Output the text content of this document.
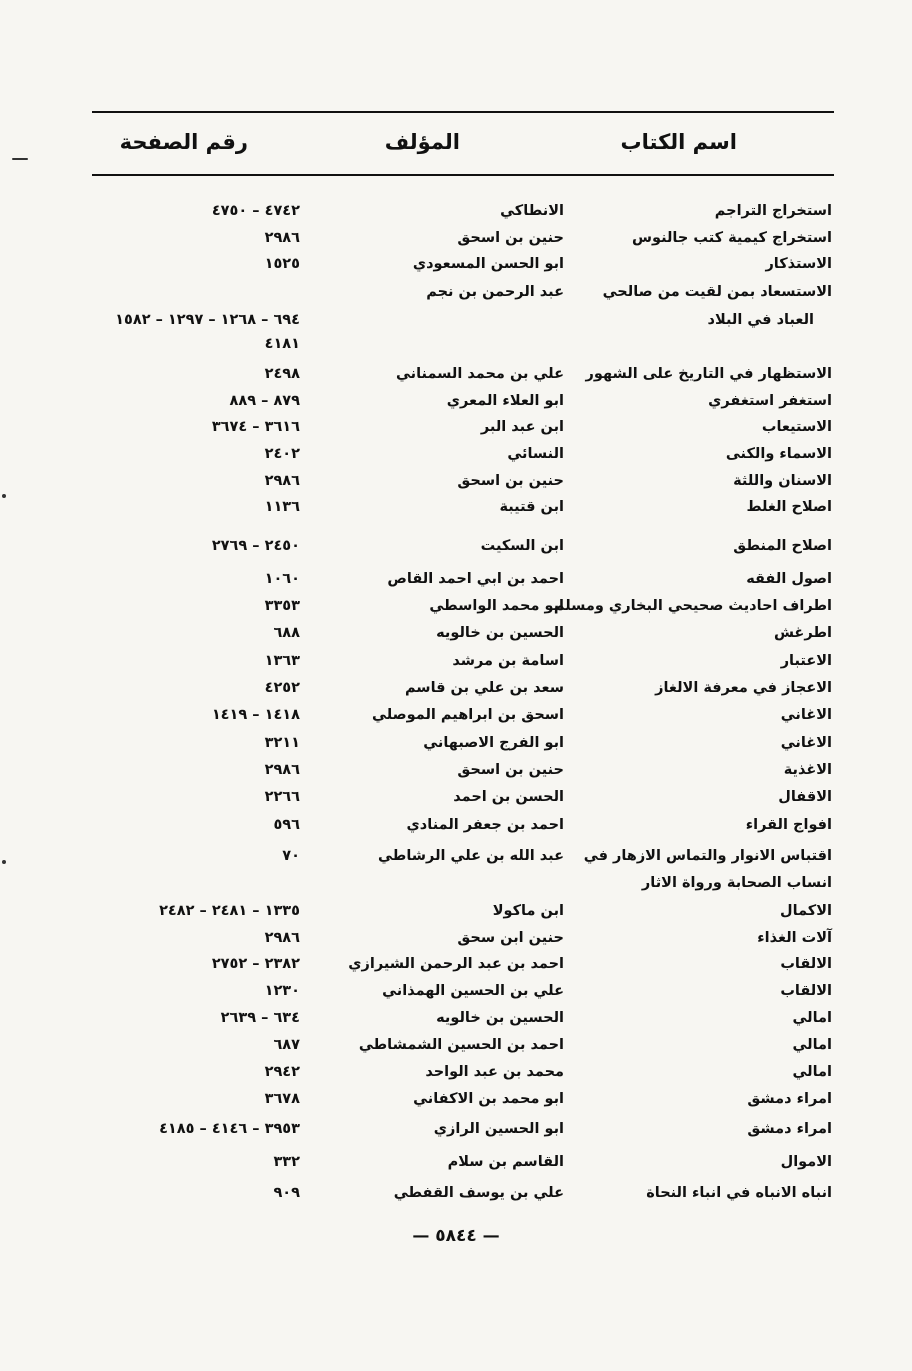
اسم الكتاب
المؤلف
رقم الصفحة
استخراج التراجم
الانطاكي
٤٧٤٢ – ٤٧٥٠
استخراج كيمية كتب جالنوس
حنين بن اسحق
٢٩٨٦
الاستذكار
ابو الحسن المسعودي
١٥٢٥
الاستسعاد بمن لقيت من صالحي
عبد الرحمن بن نجم
العباد في البلاد
٦٩٤ – ١٢٦٨ – ١٢٩٧ – ١٥٨٢
٤١٨١
الاستظهار في التاريخ على الشهور
علي بن محمد السمناني
٢٤٩٨
استغفر استغفري
ابو العلاء المعري
٨٧٩ – ٨٨٩
الاستيعاب
ابن عبد البر
٣٦١٦ – ٣٦٧٤
الاسماء والكنى
النسائي
٢٤٠٢
الاسنان واللثة
حنين بن اسحق
٢٩٨٦
اصلاح الغلط
ابن قتيبة
١١٣٦
اصلاح المنطق
ابن السكيت
٢٤٥٠ – ٢٧٦٩
اصول الفقه
احمد بن ابي احمد القاص
١٠٦٠
اطراف احاديث صحيحي البخاري ومسلم
ابو محمد الواسطي
٣٣٥٣
اطرغش
الحسين بن خالويه
٦٨٨
الاعتبار
اسامة بن مرشد
١٣٦٣
الاعجاز في معرفة الالغاز
سعد بن علي بن قاسم
٤٢٥٢
الاغاني
اسحق بن ابراهيم الموصلي
١٤١٨ – ١٤١٩
الاغاني
ابو الفرج الاصبهاني
٣٢١١
الاغذية
حنين بن اسحق
٢٩٨٦
الاقفال
الحسن بن احمد
٢٢٦٦
افواج القراء
احمد بن جعفر المنادي
٥٩٦
اقتباس الانوار والتماس الازهار في
عبد الله بن علي الرشاطي
٧٠
انساب الصحابة ورواة الاثار
الاكمال
ابن ماكولا
١٣٣٥ – ٢٤٨١ – ٢٤٨٢
آلات الغذاء
حنين ابن سحق
٢٩٨٦
الالقاب
احمد بن عبد الرحمن الشيرازي
٢٣٨٢ – ٢٧٥٢
الالقاب
علي بن الحسين الهمذاني
١٢٣٠
امالي
الحسين بن خالويه
٦٣٤ – ٢٦٣٩
امالي
احمد بن الحسين الشمشاطي
٦٨٧
امالي
محمد بن عبد الواحد
٢٩٤٢
امراء دمشق
ابو محمد بن الاكفاني
٣٦٧٨
امراء دمشق
ابو الحسين الرازي
٣٩٥٣ – ٤١٤٦ – ٤١٨٥
الاموال
القاسم بن سلام
٣٣٢
انباه الانباه في انباء النحاة
علي بن يوسف القفطي
٩٠٩
— ٥٨٤٤ —
